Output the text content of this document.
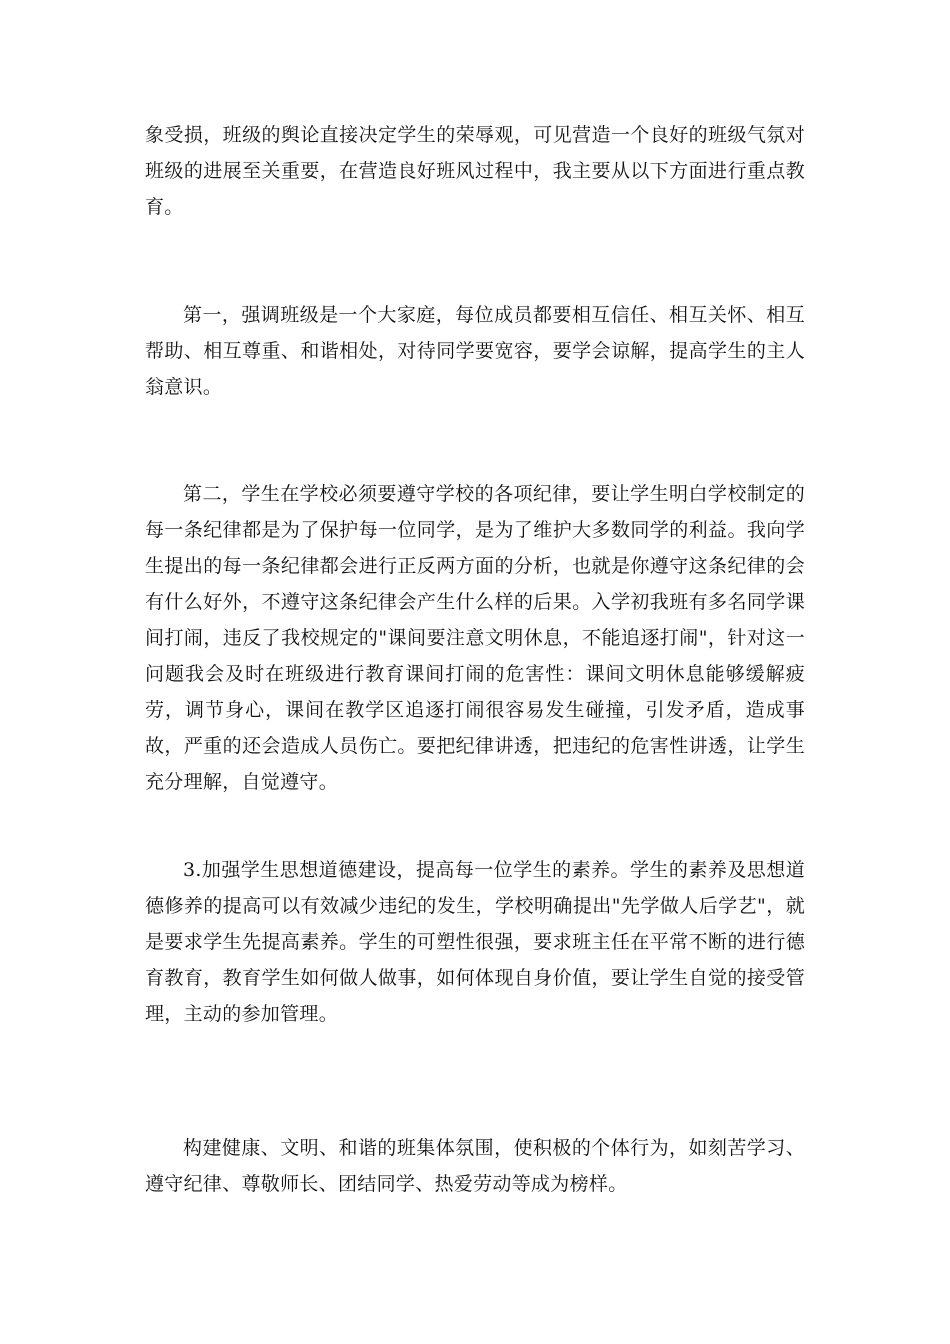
象受损，班级的舆论直接决定学生的荣辱观，可见营造一个良好的班级气氛对班级的进展至关重要，在营造良好班风过程中，我主要从以下方面进行重点教育。

第一，强调班级是一个大家庭，每位成员都要相互信任、相互关怀、相互帮助、相互尊重、和谐相处，对待同学要宽容，要学会谅解，提高学生的主人翁意识。

第二，学生在学校必须要遵守学校的各项纪律，要让学生明白学校制定的每一条纪律都是为了保护每一位同学，是为了维护大多数同学的利益。我向学生提出的每一条纪律都会进行正反两方面的分析，也就是你遵守这条纪律的会有什么好外，不遵守这条纪律会产生什么样的后果。入学初我班有多名同学课间打闹，违反了我校规定的"课间要注意文明休息，不能追逐打闹"，针对这一问题我会及时在班级进行教育课间打闹的危害性：课间文明休息能够缓解疲劳，调节身心，课间在教学区追逐打闹很容易发生碰撞，引发矛盾，造成事故，严重的还会造成人员伤亡。要把纪律讲透，把违纪的危害性讲透，让学生充分理解，自觉遵守。

3.加强学生思想道德建设，提高每一位学生的素养。学生的素养及思想道德修养的提高可以有效减少违纪的发生，学校明确提出"先学做人后学艺"，就是要求学生先提高素养。学生的可塑性很强，要求班主任在平常不断的进行德育教育，教育学生如何做人做事，如何体现自身价值，要让学生自觉的接受管理，主动的参加管理。

构建健康、文明、和谐的班集体氛围，使积极的个体行为，如刻苦学习、遵守纪律、尊敬师长、团结同学、热爱劳动等成为榜样。
